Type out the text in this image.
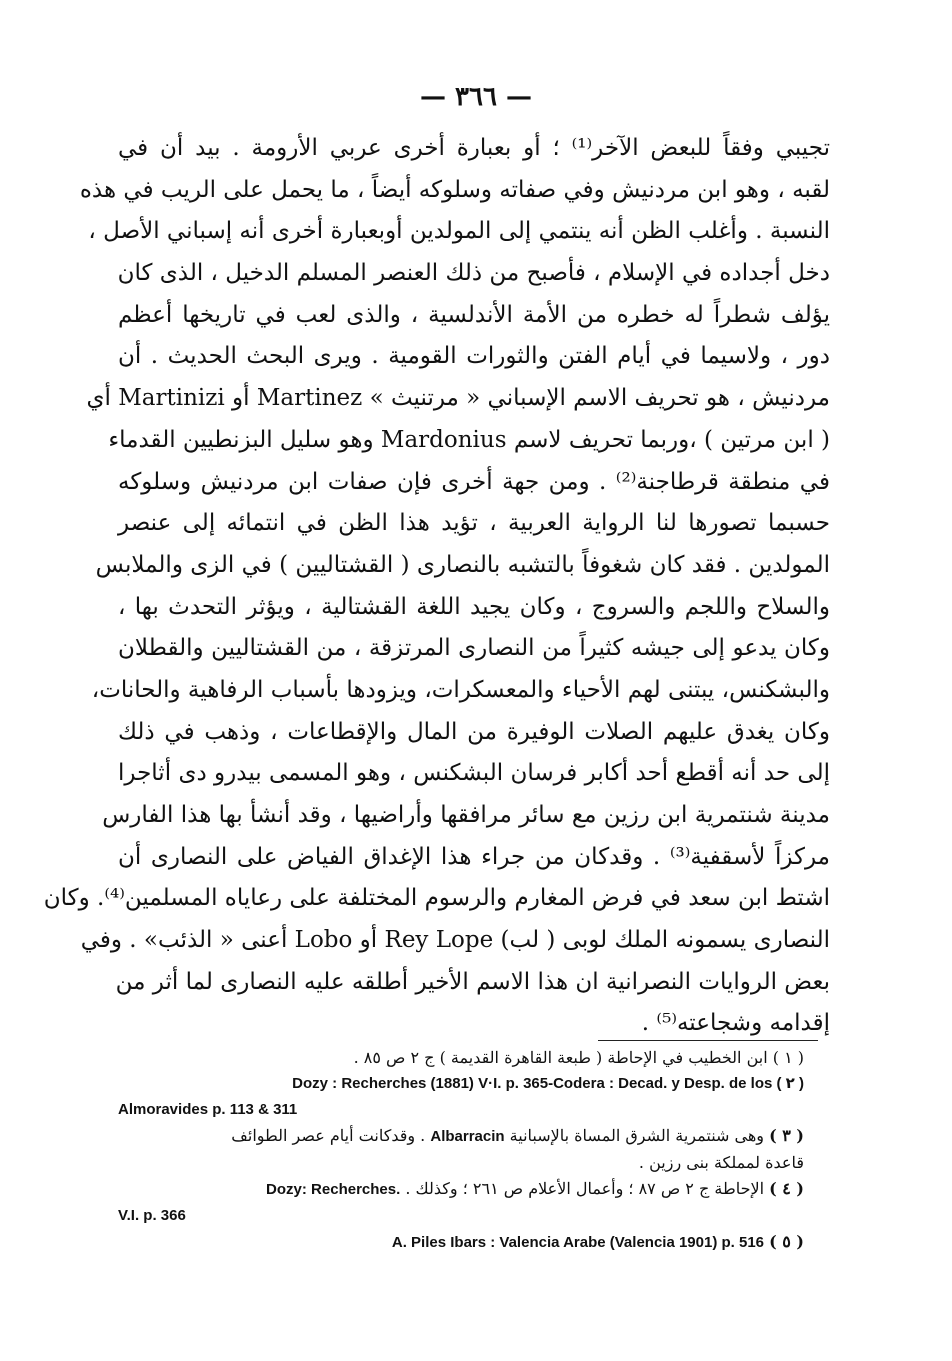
— ٣٦٦ —
تجيبي وفقاً للبعض الآخر⁽¹⁾ ؛ أو بعبارة أخرى عربي الأرومة . بيد أن في
لقبه ، وهو ابن مردنيش وفي صفاته وسلوكه أيضاً ، ما يحمل على الريب في هذه
النسبة . وأغلب الظن أنه ينتمي إلى المولدين أوبعبارة أخرى أنه إسباني الأصل ،
دخل أجداده في الإسلام ، فأصبح من ذلك العنصر المسلم الدخيل ، الذى كان
يؤلف شطراً له خطره من الأمة الأندلسية ، والذى لعب في تاريخها أعظم
دور ، ولاسيما في أيام الفتن والثورات القومية . ويرى البحث الحديث . أن
مردنيش ، هو تحريف الاسم الإسباني « مرتنيث » Martinez أو Martinizi أي
( ابن مرتين ) ،وربما تحريف لاسم Mardonius وهو سليل البزنطيين القدماء
في منطقة قرطاجنة⁽²⁾ . ومن جهة أخرى فإن صفات ابن مردنيش وسلوكه
حسبما تصورها لنا الرواية العربية ، تؤيد هذا الظن في انتمائه إلى عنصر
المولدين . فقد كان شغوفاً بالتشبه بالنصارى ( القشتاليين ) في الزى والملابس
والسلاح واللجم والسروج ، وكان يجيد اللغة القشتالية ، ويؤثر التحدث بها ،
وكان يدعو إلى جيشه كثيراً من النصارى المرتزقة ، من القشتاليين والقطلان
والبشكنس، يبتنى لهم الأحياء والمعسكرات، ويزودها بأسباب الرفاهية والحانات،
وكان يغدق عليهم الصلات الوفيرة من المال والإقطاعات ، وذهب في ذلك
إلى حد أنه أقطع أحد أكابر فرسان البشكنس ، وهو المسمى بيدرو دى أثاجرا
مدينة شنتمرية ابن رزين مع سائر مرافقها وأراضيها ، وقد أنشأ بها هذا الفارس
مركزاً لأسقفية⁽³⁾ . وقدكان من جراء هذا الإغداق الفياض على النصارى أن
اشتط ابن سعد في فرض المغارم والرسوم المختلفة على رعاياه المسلمين⁽⁴⁾. وكان
النصارى يسمونه الملك لوبى ( لب) Rey Lope أو Lobo أعنى « الذئب» . وفي
بعض الروايات النصرانية ان هذا الاسم الأخير أطلقه عليه النصارى لما أثر من
إقدامه وشجاعته⁽⁵⁾ .
( ١ ) ابن الخطيب في الإحاطة ( طبعة القاهرة القديمة ) ج ٢ ص ٨٥ .
Dozy : Recherches (1881) V·I. p. 365-Codera : Decad. y Desp. de los ( ٢ )
Almoravides p. 113 & 311
( ٣ ) وهى شنتمرية الشرق المساة بالإسبانية Albarracin . وقدكانت أيام عصر الطوائف
قاعدة لمملكة بنى رزين .
( ٤ ) الإحاطة ج ٢ ص ٨٧ ؛ وأعمال الأعلام ص ٢٦١ ؛ وكذلك . Dozy: Recherches.
V.I. p. 366
( ٥ ) A. Piles Ibars : Valencia Arabe (Valencia 1901) p. 516
